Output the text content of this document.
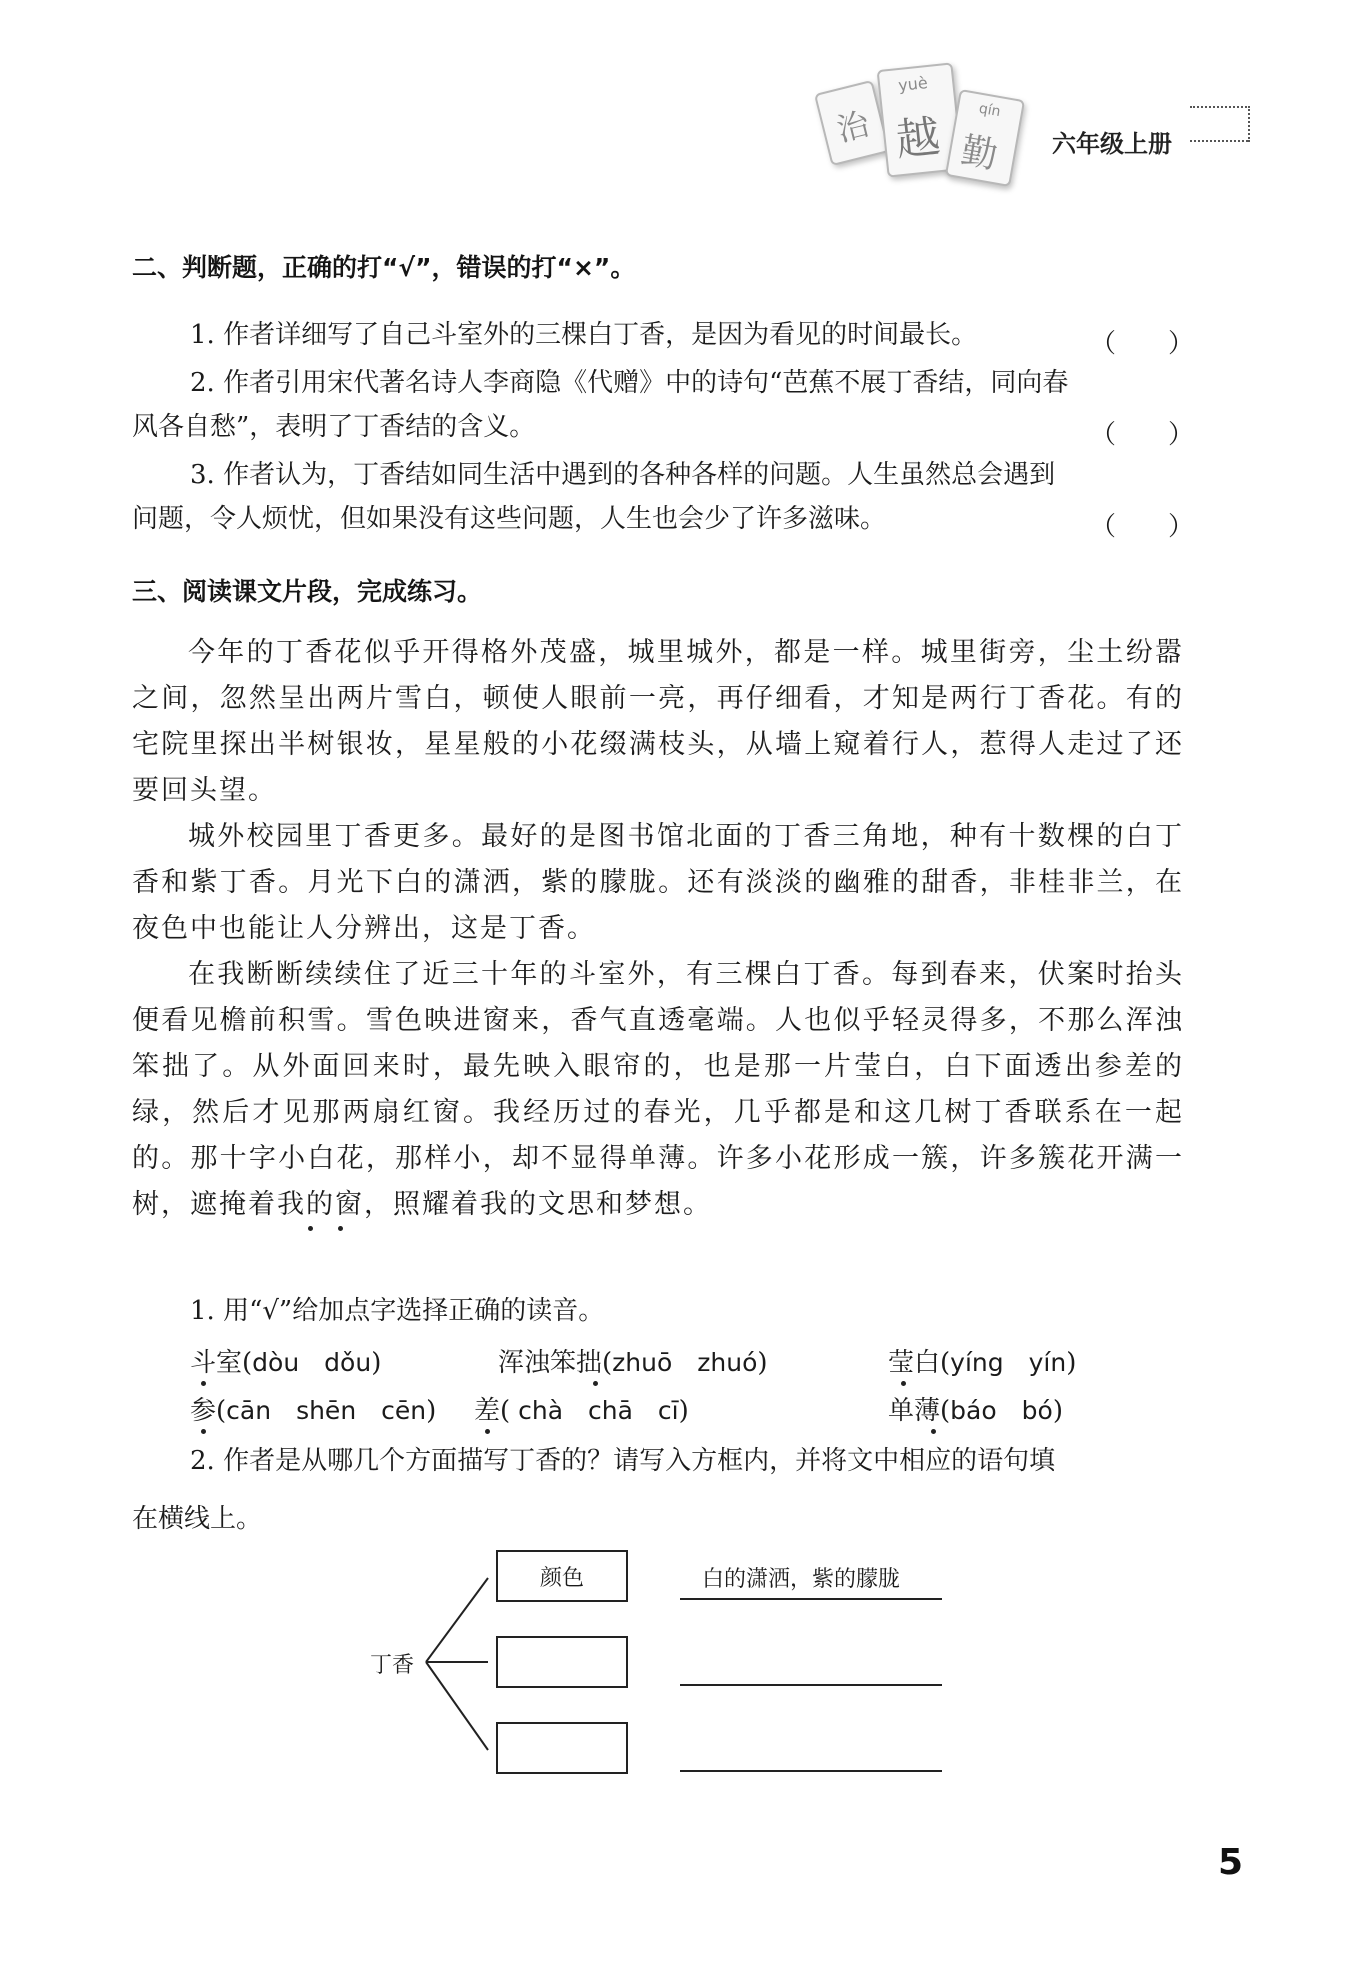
治
yuè
越
qín
勤 六年级上册
二、判断题，正确的打“√”，错误的打“×”。
1. 作者详细写了自己斗室外的三棵白丁香，是因为看见的时间最长。	（　　）
2. 作者引用宋代著名诗人李商隐《代赠》中的诗句“芭蕉不展丁香结，同向春
风各自愁”，表明了丁香结的含义。	（　　）
3. 作者认为，丁香结如同生活中遇到的各种各样的问题。人生虽然总会遇到
问题，令人烦忧，但如果没有这些问题，人生也会少了许多滋味。	（　　）
三、阅读课文片段，完成练习。
今年的丁香花似乎开得格外茂盛，城里城外，都是一样。城里街旁，尘土纷嚣之间，忽然呈出两片雪白，顿使人眼前一亮，再仔细看，才知是两行丁香花。有的宅院里探出半树银妆，星星般的小花缀满枝头，从墙上窥着行人，惹得人走过了还要回头望。
城外校园里丁香更多。最好的是图书馆北面的丁香三角地，种有十数棵的白丁香和紫丁香。月光下白的潇洒，紫的朦胧。还有淡淡的幽雅的甜香，非桂非兰，在夜色中也能让人分辨出，这是丁香。
在我断断续续住了近三十年的斗室外，有三棵白丁香。每到春来，伏案时抬头便看见檐前积雪。雪色映进窗来，香气直透毫端。人也似乎轻灵得多，不那么浑浊笨拙了。从外面回来时，最先映入眼帘的，也是那一片莹白，白下面透出参差的绿，然后才见那两扇红窗。我经历过的春光，几乎都是和这几树丁香联系在一起的。那十字小白花，那样小，却不显得单薄。许多小花形成一簇，许多簇花开满一树，遮掩着我的窗，照耀着我的文思和梦想。
1. 用“√”给加点字选择正确的读音。
斗室(dòu　dǒu)	浑浊笨拙(zhuō　zhuó)	莹白(yíng　yín)
参(cān　shēn　cēn) 差( chà　chā　cī)	单薄(báo　bó)
2. 作者是从哪几个方面描写丁香的？请写入方框内，并将文中相应的语句填
在横线上。
丁香
颜色	白的潇洒，紫的朦胧
5
